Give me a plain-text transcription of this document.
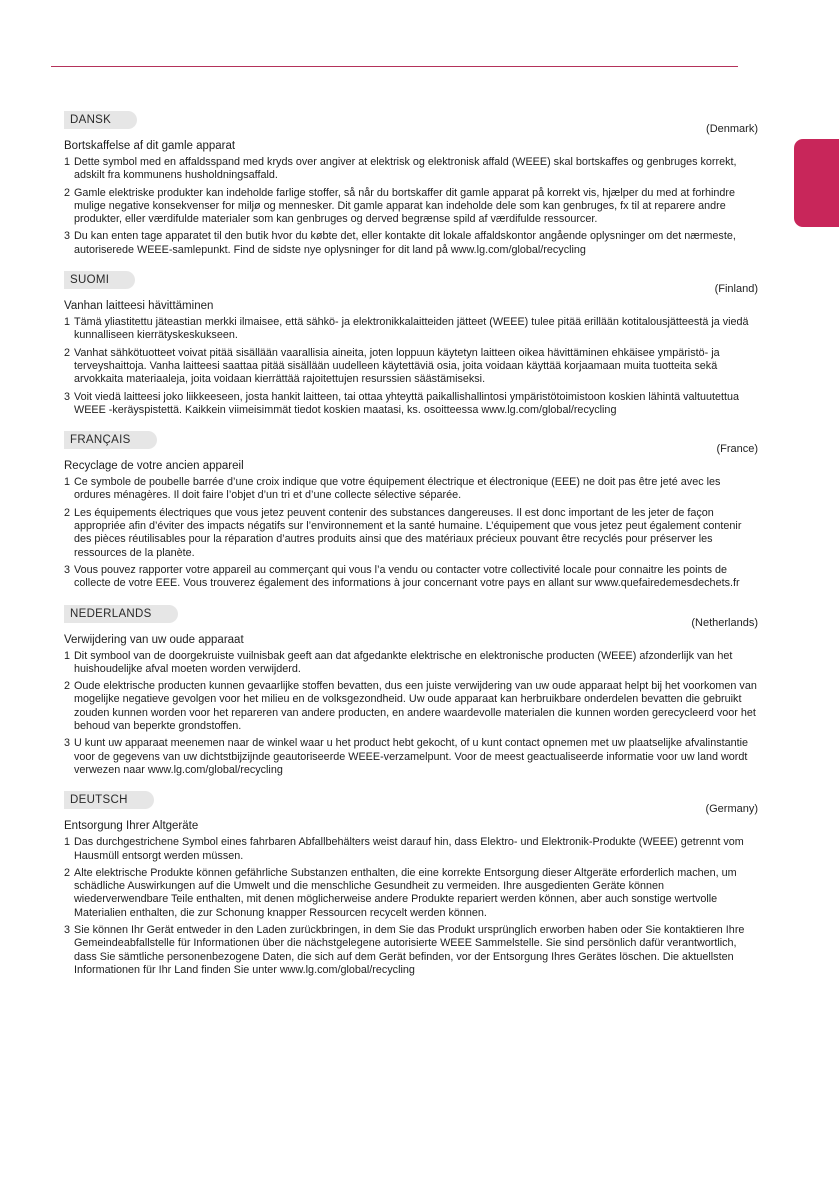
DANSK
(Denmark)
Bortskaffelse af dit gamle apparat
1 Dette symbol med en affaldsspand med kryds over angiver at elektrisk og elektronisk affald (WEEE) skal bortskaffes og genbruges korrekt, adskilt fra kommunens husholdningsaffald.
2 Gamle elektriske produkter kan indeholde farlige stoffer, så når du bortskaffer dit gamle apparat på korrekt vis, hjælper du med at forhindre mulige negative konsekvenser for miljø og mennesker. Dit gamle apparat kan indeholde dele som kan genbruges, fx til at reparere andre produkter, eller værdifulde materialer som kan genbruges og derved begrænse spild af værdifulde ressourcer.
3 Du kan enten tage apparatet til den butik hvor du købte det, eller kontakte dit lokale affaldskontor angående oplysninger om det nærmeste, autoriserede WEEE-samlepunkt. Find de sidste nye oplysninger for dit land på www.lg.com/global/recycling
SUOMI
(Finland)
Vanhan laitteesi hävittäminen
1 Tämä yliastitettu jäteastian merkki ilmaisee, että sähkö- ja elektronikkalaitteiden jätteet (WEEE) tulee pitää erillään kotitalousjätteestä ja viedä kunnalliseen kierrätyskeskukseen.
2 Vanhat sähkötuotteet voivat pitää sisällään vaarallisia aineita, joten loppuun käytetyn laitteen oikea hävittäminen ehkäisee ympäristö- ja terveyshaittoja. Vanha laitteesi saattaa pitää sisällään uudelleen käytettäviä osia, joita voidaan käyttää korjaamaan muita tuotteita sekä arvokkaita materiaaleja, joita voidaan kierrättää rajoitettujen resurssien säästämiseksi.
3 Voit viedä laitteesi joko liikkeeseen, josta hankit laitteen, tai ottaa yhteyttä paikallishallintosi ympäristötoimistoon koskien lähintä valtuutettua WEEE -keräyspistettä. Kaikkein viimeisimmät tiedot koskien maatasi, ks. osoitteessa www.lg.com/global/recycling
FRANÇAIS
(France)
Recyclage de votre ancien appareil
1 Ce symbole de poubelle barrée d’une croix indique que votre équipement électrique et électronique (EEE) ne doit pas être jeté avec les ordures ménagères. Il doit faire l’objet d’un tri et d’une collecte sélective séparée.
2 Les équipements électriques que vous jetez peuvent contenir des substances dangereuses. Il est donc important de les jeter de façon appropriée afin d’éviter des impacts négatifs sur l’environnement et la santé humaine. L’équipement que vous jetez peut également contenir des pièces réutilisables pour la réparation d’autres produits ainsi que des matériaux précieux pouvant être recyclés pour préserver les ressources de la planète.
3 Vous pouvez rapporter votre appareil au commerçant qui vous l’a vendu ou contacter votre collectivité locale pour connaitre les points de collecte de votre EEE. Vous trouverez également des informations à jour concernant votre pays en allant sur www.quefairedemesdechets.fr
NEDERLANDS
(Netherlands)
Verwijdering van uw oude apparaat
1 Dit symbool van de doorgekruiste vuilnisbak geeft aan dat afgedankte elektrische en elektronische producten (WEEE) afzonderlijk van het huishoudelijke afval moeten worden verwijderd.
2 Oude elektrische producten kunnen gevaarlijke stoffen bevatten, dus een juiste verwijdering van uw oude apparaat helpt bij het voorkomen van mogelijke negatieve gevolgen voor het milieu en de volksgezondheid. Uw oude apparaat kan herbruikbare onderdelen bevatten die gebruikt zouden kunnen worden voor het repareren van andere producten, en andere waardevolle materialen die kunnen worden gerecycleerd voor het behoud van beperkte grondstoffen.
3 U kunt uw apparaat meenemen naar de winkel waar u het product hebt gekocht, of u kunt contact opnemen met uw plaatselijke afvalinstantie voor de gegevens van uw dichtstbijzijnde geautoriseerde WEEE-verzamelpunt. Voor de meest geactualiseerde informatie voor uw land wordt verwezen naar www.lg.com/global/recycling
DEUTSCH
(Germany)
Entsorgung Ihrer Altgeräte
1 Das durchgestrichene Symbol eines fahrbaren Abfallbehälters weist darauf hin, dass Elektro- und Elektronik-Produkte (WEEE) getrennt vom Hausmüll entsorgt werden müssen.
2 Alte elektrische Produkte können gefährliche Substanzen enthalten, die eine korrekte Entsorgung dieser Altgeräte erforderlich machen, um schädliche Auswirkungen auf die Umwelt und die menschliche Gesundheit zu vermeiden. Ihre ausgedienten Geräte können wiederverwendbare Teile enthalten, mit denen möglicherweise andere Produkte repariert werden können, aber auch sonstige wertvolle Materialien enthalten, die zur Schonung knapper Ressourcen recycelt werden können.
3 Sie können Ihr Gerät entweder in den Laden zurückbringen, in dem Sie das Produkt ursprünglich erworben haben oder Sie kontaktieren Ihre Gemeindeabfallstelle für Informationen über die nächstgelegene autorisierte WEEE Sammelstelle. Sie sind persönlich dafür verantwortlich, dass Sie sämtliche personenbezogene Daten, die sich auf dem Gerät befinden, vor der Entsorgung Ihres Gerätes löschen. Die aktuellsten Informationen für Ihr Land finden Sie unter www.lg.com/global/recycling
